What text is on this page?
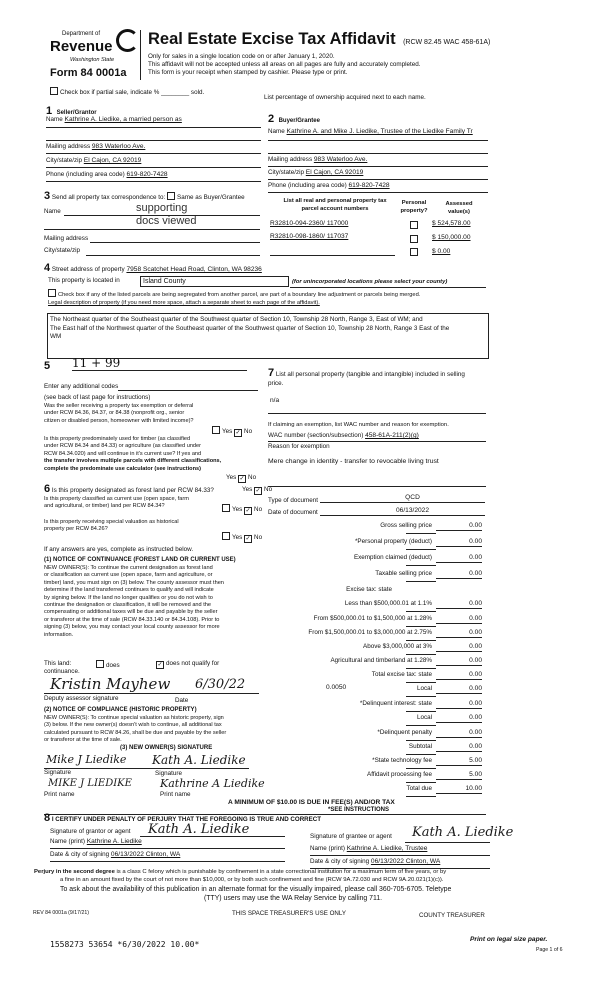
Department of
Revenue
Washington State
Form 84 0001a
Real Estate Excise Tax Affidavit (RCW 82.45 WAC 458-61A)
Only for sales in a single location code on or after January 1, 2020.
This affidavit will not be accepted unless all areas on all pages are fully and accurately completed.
This form is your receipt when stamped by cashier. Please type or print.
Check box if partial sale, indicate % ________ sold.
List percentage of ownership acquired next to each name.
1 Seller/Grantor
Name Kathrine A. Liedike, a married person as
Mailing address 983 Waterloo Ave.
City/state/zip El Cajon, CA 92019
Phone (including area code) 619-820-7428
2 Buyer/Grantee
Name Kathrine A. and Mike J. Liedike, Trustee of the Liedike Family Tr
Mailing address 983 Waterloo Ave.
City/state/zip El Cajon, CA 92019
Phone (including area code) 619-820-7428
3 Send all property tax correspondence to: Same as Buyer/Grantee
Name	supporting
docs viewed
Mailing address
City/state/zip
List all real and personal property tax
parcel account numbers
Personal
property?
Assessed
value(s)
R32810-094-2360/ 117000	$ 524,578.00
R32810-098-1860/ 117037	$ 150,000.00
$ 0.00
4 Street address of property 7958 Scatchet Head Road, Clinton, WA 98236
This property is located in	Island County	(for unincorporated locations please select your county)
Check box if any of the listed parcels are being segregated from another parcel, are part of a boundary line adjustment or parcels being merged.
Legal description of property (if you need more space, attach a separate sheet to each page of the affidavit).
The Northeast quarter of the Southeast quarter of the Southwest quarter of Section 10, Township 28 North, Range 3, East of WM; and
The East half of the Northwest quarter of the Southeast quarter of the Southwest quarter of Section 10, Township 28 North, Range 3 East of the
WM
5 11 + 99
Enter any additional codes
(see back of last page for instructions)
Was the seller receiving a property tax exemption or deferral
under RCW 84.36, 84.37, or 84.38 (nonprofit org., senior
citizen or disabled person, homeowner with limited income)?
Yes ✓ No
Is this property predominately used for timber (as classified
under RCW 84.34 and 84.33) or agriculture (as classified under
RCW 84.34.020) and will continue in it's current use? If yes and
the transfer involves multiple parcels with different classifications,
complete the predominate use calculator (see instructions)
Yes ✓ No
6 Is this property designated as forest land per RCW 84.33?	Yes ✓ No
Is this property classified as current use (open space, farm
and agricultural, or timber) land per RCW 84.34?	Yes ✓ No
Is this property receiving special valuation as historical
property per RCW 84.26?
Yes ✓ No
If any answers are yes, complete as instructed below.
(1) NOTICE OF CONTINUANCE (FOREST LAND OR CURRENT USE)
NEW OWNER(S): To continue the current designation as forest land
or classification as current use (open space, farm and agriculture, or
timber) land, you must sign on (3) below. The county assessor must then
determine if the land transferred continues to qualify and will indicate
by signing below. If the land no longer qualifies or you do not wish to
continue the designation or classification, it will be removed and the
compensating or additional taxes will be due and payable by the seller
or transferor at the time of sale (RCW 84.33.140 or 84.34.108). Prior to
signing (3) below, you may contact your local county assessor for more
information.
This land:	does	✓ does not qualify for
continuance.
Kristin Mayhew 6/30/22
Deputy assessor signature	Date
(2) NOTICE OF COMPLIANCE (HISTORIC PROPERTY)
NEW OWNER(S): To continue special valuation as historic property, sign
(3) below. If the new owner(s) doesn't wish to continue, all additional tax
calculated pursuant to RCW 84.26, shall be due and payable by the seller
or transferor at the time of sale.
(3) NEW OWNER(S) SIGNATURE
Mike J Liedike Kath A. Liedike
Signature	Signature
MIKE J LIEDIKE	Kathrine A Liedike
Print name	Print name
7 List all personal property (tangible and intangible) included in selling
price.
n/a
If claiming an exemption, list WAC number and reason for exemption.
WAC number (section/subsection) 458-61A-211(2)(g)
Reason for exemption
Mere change in identity - transfer to revocable living trust
Type of document	QCD
Date of document	06/13/2022
Gross selling price	0.00
*Personal property (deduct)	0.00
Exemption claimed (deduct)	0.00
Taxable selling price	0.00
Excise tax: state
Less than $500,000.01 at 1.1%	0.00
From $500,000.01 to $1,500,000 at 1.28%	0.00
From $1,500,000.01 to $3,000,000 at 2.75%	0.00
Above $3,000,000 at 3%	0.00
Agricultural and timberland at 1.28%	0.00
Total excise tax: state	0.00
Local	0.00
*Delinquent interest: state	0.00
Local	0.00
*Delinquent penalty	0.00
Subtotal	0.00
*State technology fee	5.00
Affidavit processing fee	5.00
Total due	10.00
0.0050
A MINIMUM OF $10.00 IS DUE IN FEE(S) AND/OR TAX
*SEE INSTRUCTIONS
8 I CERTIFY UNDER PENALTY OF PERJURY THAT THE FOREGOING IS TRUE AND CORRECT
Signature of grantor or agent Kath A. Liedike
Name (print) Kathrine A. Liedike
Date & city of signing 06/13/2022 Clinton, WA
Signature of grantee or agent Kath A. Liedike
Name (print) Kathrine A. Liedike, Trustee
Date & city of signing 06/13/2022 Clinton, WA
Perjury in the second degree is a class C felony which is punishable by confinement in a state correctional institution for a maximum term of five years, or by
a fine in an amount fixed by the court of not more than $10,000, or by both such confinement and fine (RCW 9A.72.030 and RCW 9A.20.021(1)(c)).
To ask about the availability of this publication in an alternate format for the visually impaired, please call 360-705-6705. Teletype
(TTY) users may use the WA Relay Service by calling 711.
REV 84 0001a (9/17/21)	THIS SPACE TREASURER'S USE ONLY	COUNTY TREASURER
1558273 53654 *6/30/2022 10.00*
Print on legal size paper.
Page 1 of 6
